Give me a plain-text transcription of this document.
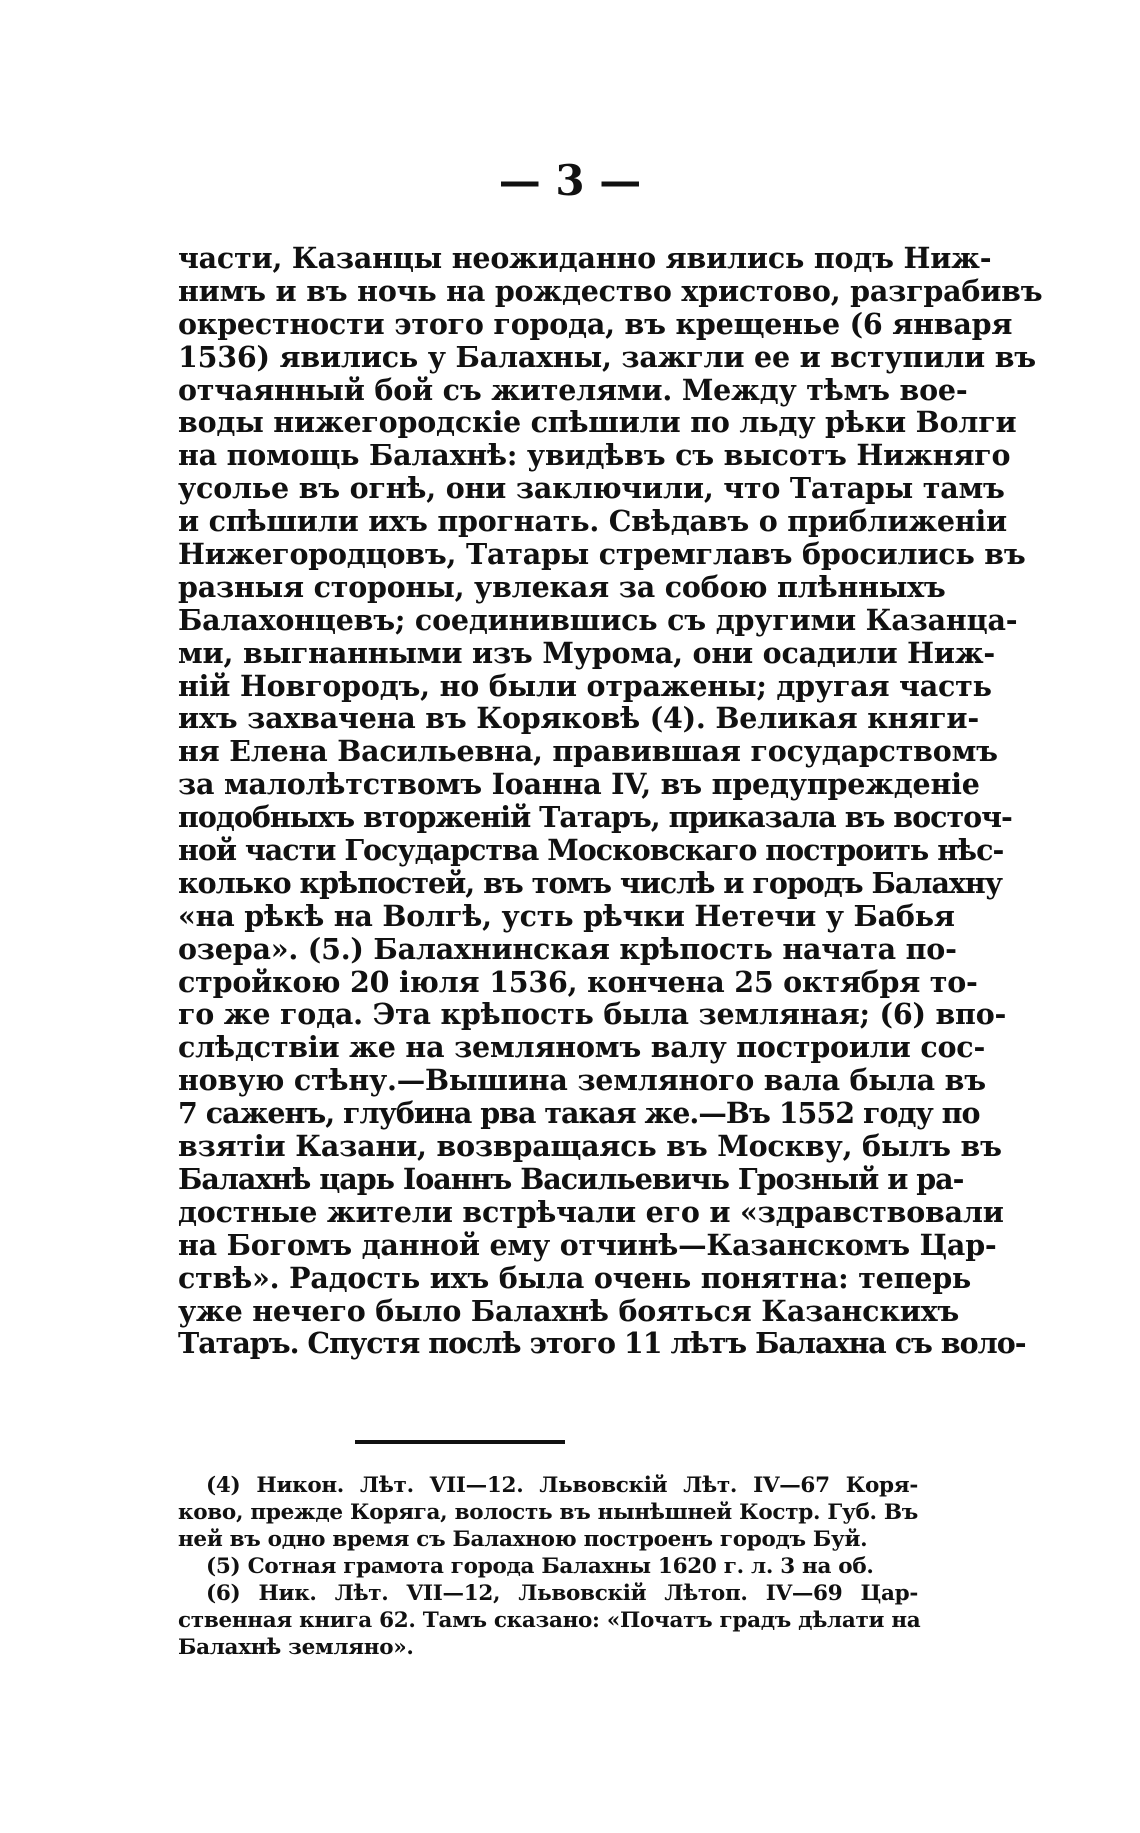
— 3 —
части, Казанцы неожиданно явились подъ Ниж-
нимъ и въ ночь на рождество христово, разграбивъ
окрестности этого города, въ крещенье (6 января
1536) явились у Балахны, зажгли ее и вступили въ
отчаянный бой съ жителями. Между тѣмъ вое-
воды нижегородскіе спѣшили по льду рѣки Волги
на помощь Балахнѣ: увидѣвъ съ высотъ Нижняго
усолье въ огнѣ, они заключили, что Татары тамъ
и спѣшили ихъ прогнать. Свѣдавъ о приближеніи
Нижегородцовъ, Татары стремглавъ бросились въ
разныя стороны, увлекая за собою плѣнныхъ
Балахонцевъ; соединившись съ другими Казанца-
ми, выгнанными изъ Мурома, они осадили Ниж-
ній Новгородъ, но были отражены; другая часть
ихъ захвачена въ Коряковѣ (4). Великая княги-
ня Елена Васильевна, правившая государствомъ
за малолѣтствомъ Іоанна IV, въ предупрежденіе
подобныхъ вторженій Татаръ, приказала въ восточ-
ной части Государства Московскаго построить нѣс-
колько крѣпостей, въ томъ числѣ и городъ Балахну
«на рѣкѣ на Волгѣ, усть рѣчки Нетечи у Бабья
озера». (5.) Балахнинская крѣпость начата по-
стройкою 20 іюля 1536, кончена 25 октября то-
го же года. Эта крѣпость была земляная; (6) впо-
слѣдствіи же на земляномъ валу построили сос-
новую стѣну.—Вышина земляного вала была въ
7 саженъ, глубина рва такая же.—Въ 1552 году по
взятіи Казани, возвращаясь въ Москву, былъ въ
Балахнѣ царь Іоаннъ Васильевичь Грозный и ра-
достные жители встрѣчали его и «здравствовали
на Богомъ данной ему отчинѣ—Казанскомъ Цар-
ствѣ». Радость ихъ была очень понятна: теперь
уже нечего было Балахнѣ бояться Казанскихъ
Татаръ. Спустя послѣ этого 11 лѣтъ Балахна съ воло-
(4) Никон. Лѣт. VII—12. Львовскій Лѣт. IV—67 Коря-
ково, прежде Коряга, волость въ нынѣшней Костр. Губ. Въ
ней въ одно время съ Балахною построенъ городъ Буй.
(5) Сотная грамота города Балахны 1620 г. л. 3 на об.
(6) Ник. Лѣт. VII—12, Львовскій Лѣтоп. IV—69 Цар-
ственная книга 62. Тамъ сказано: «Початъ градъ дѣлати на
Балахнѣ земляно».
